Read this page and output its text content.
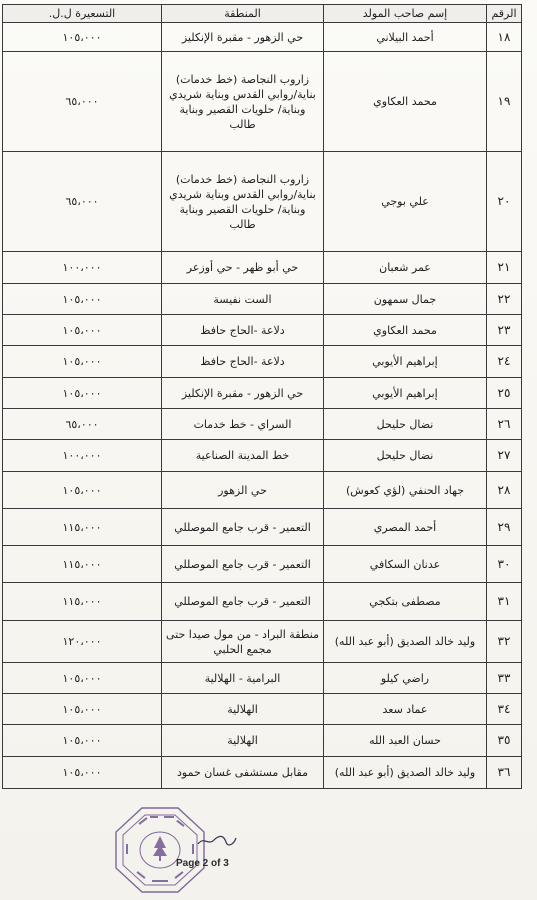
الرقم	إسم صاحب المولد	المنطقة	التسعيرة ل.ل.
١٨	أحمد البيلاني	حي الزهور - مقبرة الإنكليز	١٠٥،٠٠٠
١٩	محمد العكاوي	زاروب النجاصة (خط خدمات) بناية/روابي القدس وبناية شريدي وبناية/ حلويات القصير وبناية طالب	٦٥،٠٠٠
٢٠	علي بوجي	زاروب النجاصة (خط خدمات) بناية/روابي القدس وبناية شريدي وبناية/ حلويات القصير وبناية طالب	٦٥،٠٠٠
٢١	عمر شعبان	حي أبو ظهر - حي أوزعر	١٠٠،٠٠٠
٢٢	جمال سمهون	الست نفيسة	١٠٥،٠٠٠
٢٣	محمد العكاوي	دلاعة -الحاج حافظ	١٠٥،٠٠٠
٢٤	إبراهيم الأيوبي	دلاعة -الحاج حافظ	١٠٥،٠٠٠
٢٥	إبراهيم الأيوبي	حي الزهور - مقبرة الإنكليز	١٠٥،٠٠٠
٢٦	نضال حليحل	السراي - خط خدمات	٦٥،٠٠٠
٢٧	نضال حليحل	خط المدينة الصناعية	١٠٠،٠٠٠
٢٨	جهاد الحنفي (لؤي كعوش)	حي الزهور	١٠٥،٠٠٠
٢٩	أحمد المصري	التعمير - قرب جامع الموصللي	١١٥،٠٠٠
٣٠	عدنان السكافي	التعمير - قرب جامع الموصللي	١١٥،٠٠٠
٣١	مصطفى بتكجي	التعمير - قرب جامع الموصللي	١١٥،٠٠٠
٣٢	وليد خالد الصديق (أبو عبد الله)	منطقة البراد - من مول صيدا حتى مجمع الحلبي	١٢٠،٠٠٠
٣٣	راضي كيلو	البرامية - الهلالية	١٠٥،٠٠٠
٣٤	عماد سعد	الهلالية	١٠٥،٠٠٠
٣٥	حسان العبد الله	الهلالية	١٠٥،٠٠٠
٣٦	وليد خالد الصديق (أبو عبد الله)	مقابل مستشفى غسان حمود	١٠٥،٠٠٠
Page 2 of 3
